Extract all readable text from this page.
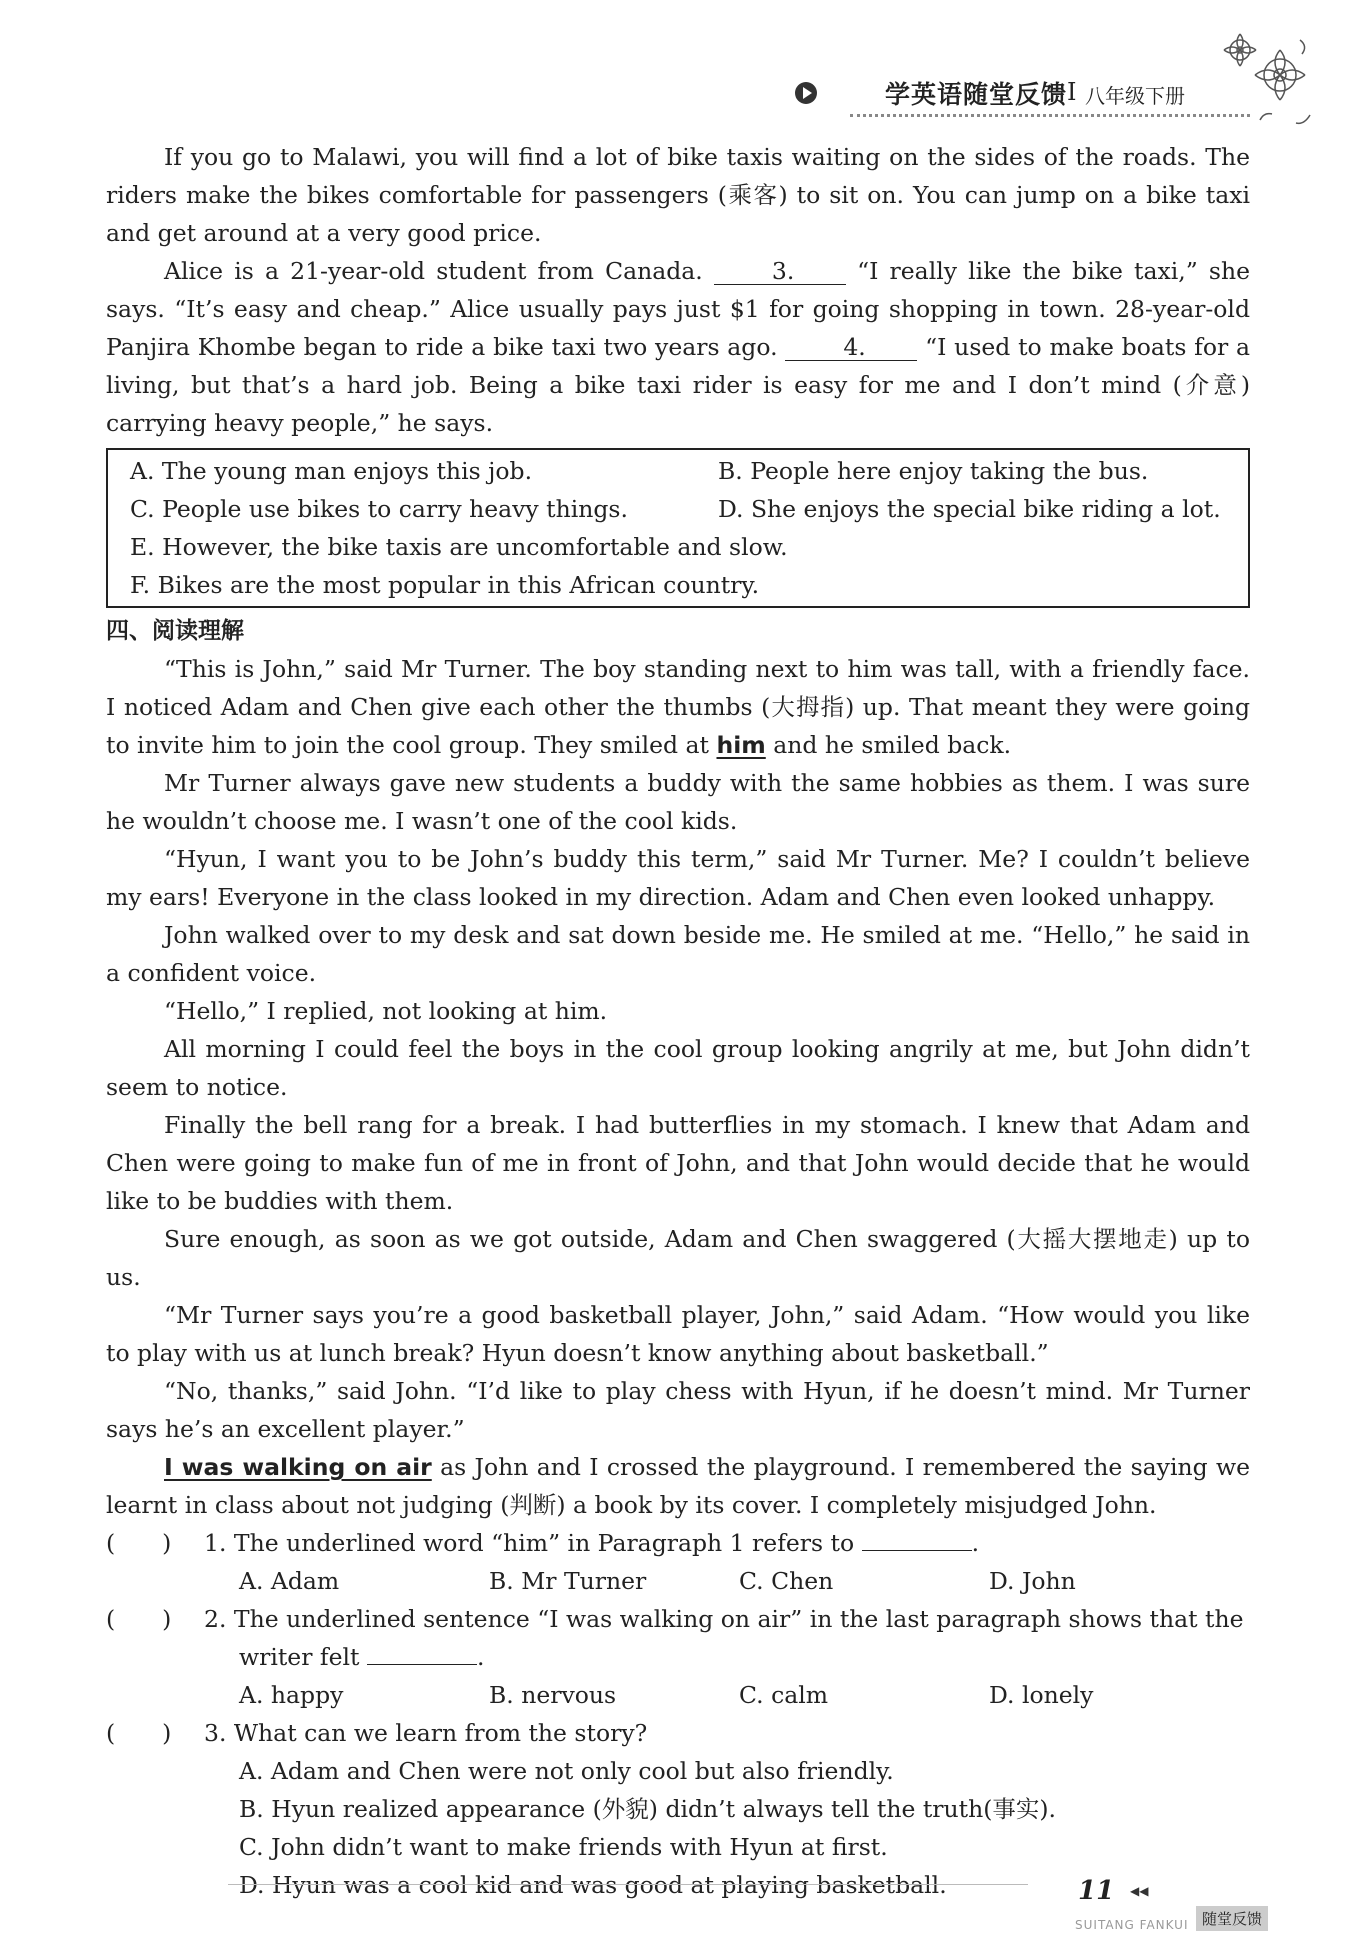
学英语随堂反馈 I 八年级下册

If you go to Malawi, you will find a lot of bike taxis waiting on the sides of the roads. The riders make the bikes comfortable for passengers (乘客) to sit on. You can jump on a bike taxi and get around at a very good price.

Alice is a 21-year-old student from Canada. 3. “I really like the bike taxi,” she says. “It’s easy and cheap.” Alice usually pays just $1 for going shopping in town. 28-year-old Panjira Khombe began to ride a bike taxi two years ago. 4. “I used to make boats for a living, but that’s a hard job. Being a bike taxi rider is easy for me and I don’t mind (介意) carrying heavy people,” he says.

A. The young man enjoys this job.	B. People here enjoy taking the bus.
C. People use bikes to carry heavy things.	D. She enjoys the special bike riding a lot.
E. However, the bike taxis are uncomfortable and slow.
F. Bikes are the most popular in this African country.
四、阅读理解

“This is John,” said Mr Turner. The boy standing next to him was tall, with a friendly face. I noticed Adam and Chen give each other the thumbs (大拇指) up. That meant they were going to invite him to join the cool group. They smiled at him and he smiled back.

Mr Turner always gave new students a buddy with the same hobbies as them. I was sure he wouldn’t choose me. I wasn’t one of the cool kids.

“Hyun, I want you to be John’s buddy this term,” said Mr Turner. Me? I couldn’t believe my ears! Everyone in the class looked in my direction. Adam and Chen even looked unhappy.

John walked over to my desk and sat down beside me. He smiled at me. “Hello,” he said in a confident voice.

“Hello,” I replied, not looking at him.

All morning I could feel the boys in the cool group looking angrily at me, but John didn’t seem to notice.

Finally the bell rang for a break. I had butterflies in my stomach. I knew that Adam and Chen were going to make fun of me in front of John, and that John would decide that he would like to be buddies with them.

Sure enough, as soon as we got outside, Adam and Chen swaggered (大摇大摆地走) up to us.

“Mr Turner says you’re a good basketball player, John,” said Adam. “How would you like to play with us at lunch break? Hyun doesn’t know anything about basketball.”

“No, thanks,” said John. “I’d like to play chess with Hyun, if he doesn’t mind. Mr Turner says he’s an excellent player.”

I was walking on air as John and I crossed the playground. I remembered the saying we learnt in class about not judging (判断) a book by its cover. I completely misjudged John.

(　　)	1. The underlined word “him” in Paragraph 1 refers to	.
A. Adam	B. Mr Turner	C. Chen	D. John
(　　)	2. The underlined sentence “I was walking on air” in the last paragraph shows that the
writer felt	.
A. happy	B. nervous	C. calm	D. lonely
(　　)	3. What can we learn from the story?
A. Adam and Chen were not only cool but also friendly.
B. Hyun realized appearance (外貌) didn’t always tell the truth(事实).
C. John didn’t want to make friends with Hyun at first.
D. Hyun was a cool kid and was good at playing basketball.	11 ◀◀
SUITANG FANKUI 随堂反馈
